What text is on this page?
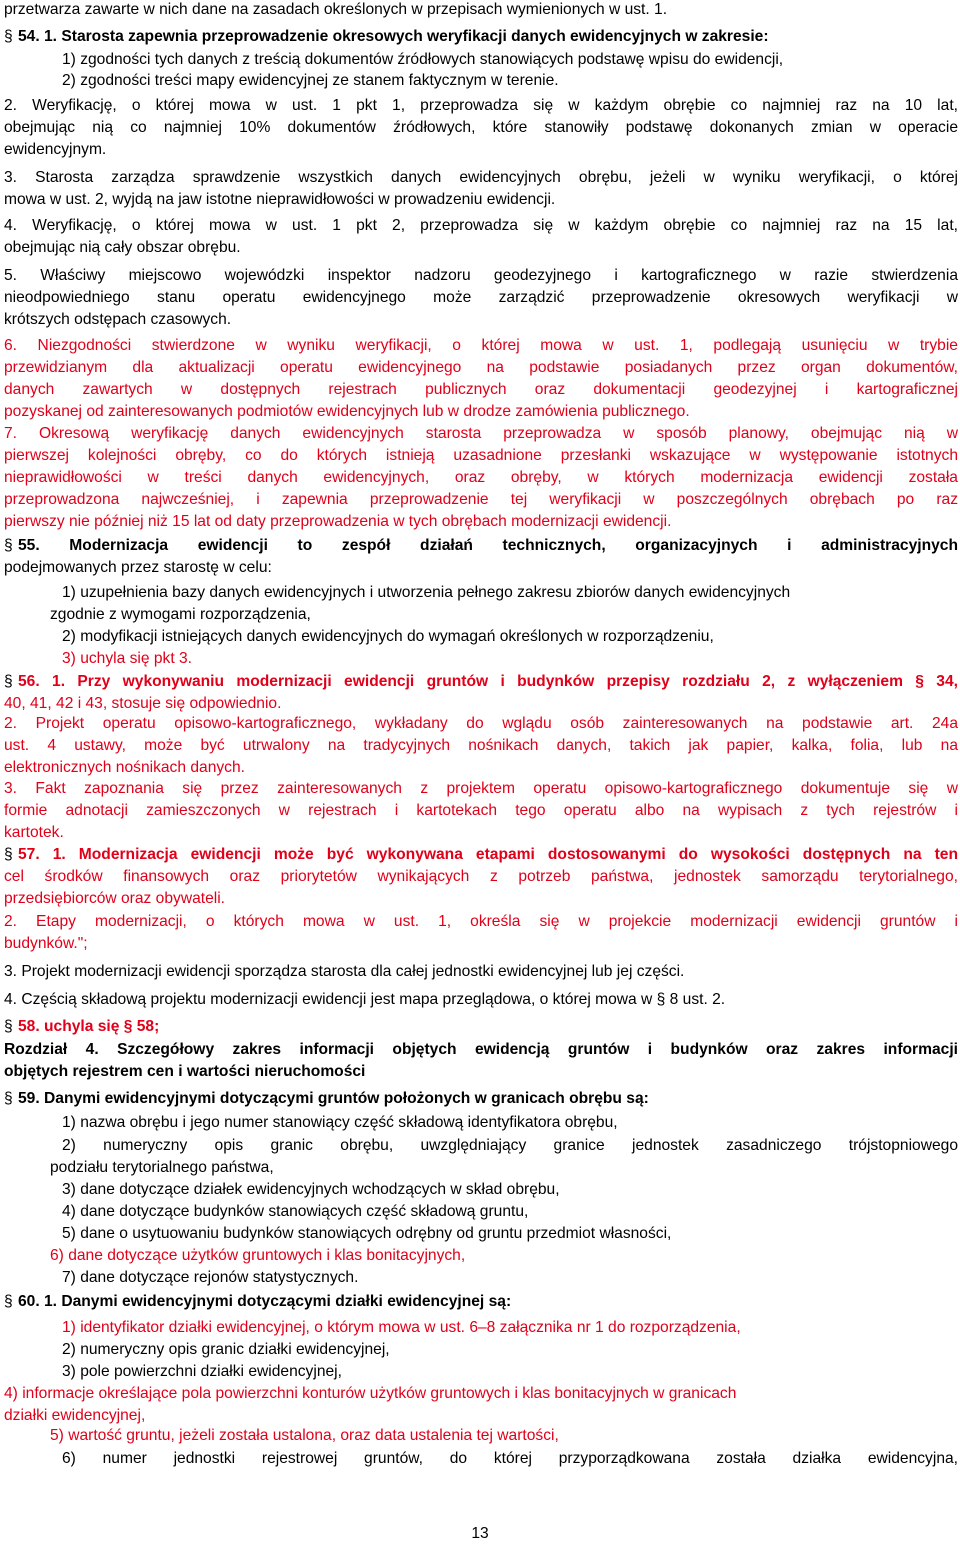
przetwarza zawarte w nich dane na zasadach określonych w przepisach wymienionych w ust. 1.
§ 54. 1. Starosta zapewnia przeprowadzenie okresowych weryfikacji danych ewidencyjnych w zakresie:
1) zgodności tych danych z treścią dokumentów źródłowych stanowiących podstawę wpisu do ewidencji,
2) zgodności treści mapy ewidencyjnej ze stanem faktycznym w terenie.
2. Weryfikację, o której mowa w ust. 1 pkt 1, przeprowadza się w każdym obrębie co najmniej raz na 10 lat,
obejmując nią co najmniej 10% dokumentów źródłowych, które stanowiły podstawę dokonanych zmian w operacie
ewidencyjnym.
3. Starosta zarządza sprawdzenie wszystkich danych ewidencyjnych obrębu, jeżeli w wyniku weryfikacji, o której
mowa w ust. 2, wyjdą na jaw istotne nieprawidłowości w prowadzeniu ewidencji.
4. Weryfikację, o której mowa w ust. 1 pkt 2, przeprowadza się w każdym obrębie co najmniej raz na 15 lat,
obejmując nią cały obszar obrębu.
5. Właściwy miejscowo wojewódzki inspektor nadzoru geodezyjnego i kartograficznego w razie stwierdzenia
nieodpowiedniego stanu operatu ewidencyjnego może zarządzić przeprowadzenie okresowych weryfikacji w
krótszych odstępach czasowych.
6. Niezgodności stwierdzone w wyniku weryfikacji, o której mowa w ust. 1, podlegają usunięciu w trybie
przewidzianym dla aktualizacji operatu ewidencyjnego na podstawie posiadanych przez organ dokumentów,
danych zawartych w dostępnych rejestrach publicznych oraz dokumentacji geodezyjnej i kartograficznej
pozyskanej od zainteresowanych podmiotów ewidencyjnych lub w drodze zamówienia publicznego.
7. Okresową weryfikację danych ewidencyjnych starosta przeprowadza w sposób planowy, obejmując nią w
pierwszej kolejności obręby, co do których istnieją uzasadnione przesłanki wskazujące w występowanie istotnych
nieprawidłowości w treści danych ewidencyjnych, oraz obręby, w których modernizacja ewidencji została
przeprowadzona najwcześniej, i zapewnia przeprowadzenie tej weryfikacji w poszczególnych obrębach po raz
pierwszy nie później niż 15 lat od daty przeprowadzenia w tych obrębach modernizacji ewidencji.
§ 55. Modernizacja ewidencji to zespół działań technicznych, organizacyjnych i administracyjnych
podejmowanych przez starostę w celu:
1) uzupełnienia bazy danych ewidencyjnych i utworzenia pełnego zakresu zbiorów danych ewidencyjnych
zgodnie z wymogami rozporządzenia,
2) modyfikacji istniejących danych ewidencyjnych do wymagań określonych w rozporządzeniu,
3) uchyla się pkt 3.
§ 56. 1. Przy wykonywaniu modernizacji ewidencji gruntów i budynków przepisy rozdziału 2, z wyłączeniem § 34,
40, 41, 42 i 43, stosuje się odpowiednio.
2. Projekt operatu opisowo-kartograficznego, wykładany do wglądu osób zainteresowanych na podstawie art. 24a
ust. 4 ustawy, może być utrwalony na tradycyjnych nośnikach danych, takich jak papier, kalka, folia, lub na
elektronicznych nośnikach danych.
3. Fakt zapoznania się przez zainteresowanych z projektem operatu opisowo-kartograficznego dokumentuje się w
formie adnotacji zamieszczonych w rejestrach i kartotekach tego operatu albo na wypisach z tych rejestrów i
kartotek.
§ 57. 1. Modernizacja ewidencji może być wykonywana etapami dostosowanymi do wysokości dostępnych na ten
cel środków finansowych oraz priorytetów wynikających z potrzeb państwa, jednostek samorządu terytorialnego,
przedsiębiorców oraz obywateli.
2. Etapy modernizacji, o których mowa w ust. 1, określa się w projekcie modernizacji ewidencji gruntów i
budynków.";
3. Projekt modernizacji ewidencji sporządza starosta dla całej jednostki ewidencyjnej lub jej części.
4. Częścią składową projektu modernizacji ewidencji jest mapa przeglądowa, o której mowa w § 8 ust. 2.
§ 58. uchyla się § 58;
Rozdział 4. Szczegółowy zakres informacji objętych ewidencją gruntów i budynków oraz zakres informacji
objętych rejestrem cen i wartości nieruchomości
§ 59. Danymi ewidencyjnymi dotyczącymi gruntów położonych w granicach obrębu są:
1) nazwa obrębu i jego numer stanowiący część składową identyfikatora obrębu,
2) numeryczny opis granic obrębu, uwzględniający granice jednostek zasadniczego trójstopniowego
podziału terytorialnego państwa,
3) dane dotyczące działek ewidencyjnych wchodzących w skład obrębu,
4) dane dotyczące budynków stanowiących część składową gruntu,
5) dane o usytuowaniu budynków stanowiących odrębny od gruntu przedmiot własności,
6) dane dotyczące użytków gruntowych i klas bonitacyjnych,
7) dane dotyczące rejonów statystycznych.
§ 60. 1. Danymi ewidencyjnymi dotyczącymi działki ewidencyjnej są:
1) identyfikator działki ewidencyjnej, o którym mowa w ust. 6–8 załącznika nr 1 do rozporządzenia,
2) numeryczny opis granic działki ewidencyjnej,
3) pole powierzchni działki ewidencyjnej,
4) informacje określające pola powierzchni konturów użytków gruntowych i klas bonitacyjnych w granicach
działki ewidencyjnej,
5) wartość gruntu, jeżeli została ustalona, oraz data ustalenia tej wartości,
6) numer jednostki rejestrowej gruntów, do której przyporządkowana została działka ewidencyjna,
13
